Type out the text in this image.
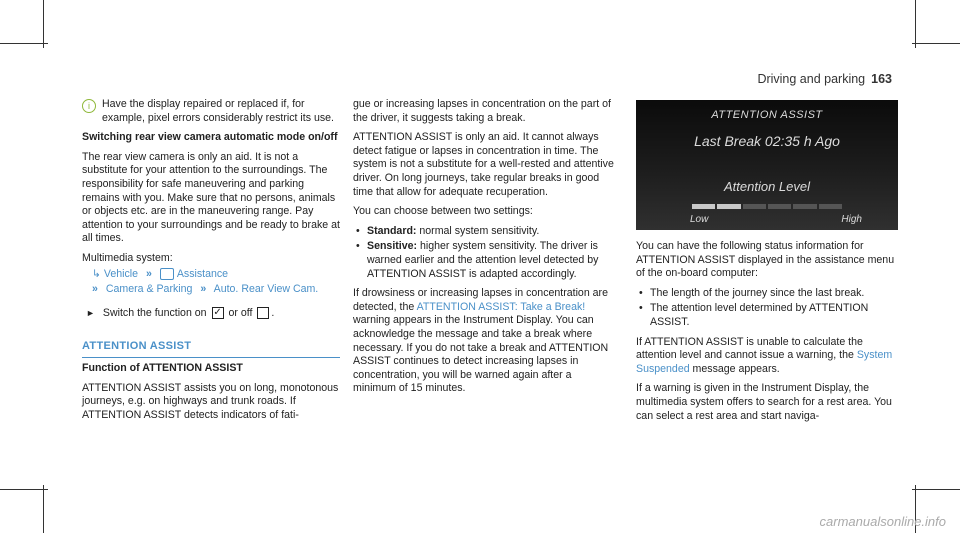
Driving and parking 163
i	Have the display repaired or replaced if, for example, pixel errors considerably restrict its use.

Switching rear view camera automatic mode on/off

The rear view camera is only an aid. It is not a substitute for your attention to the surroundings. The responsibility for safe maneuvering and parking remains with you. Make sure that no persons, animals or objects etc. are in the maneuvering range. Pay attention to your surroundings and be ready to brake at all times.

Multimedia system:

↳ Vehicle » Assistance
» Camera & Parking » Auto. Rear View Cam.
► Switch the function on ✓ or off .
ATTENTION ASSIST

Function of ATTENTION ASSIST

ATTENTION ASSIST assists you on long, monotonous journeys, e.g. on highways and trunk roads. If ATTENTION ASSIST detects indicators of fati-

gue or increasing lapses in concentration on the part of the driver, it suggests taking a break.

ATTENTION ASSIST is only an aid. It cannot always detect fatigue or lapses in concentration in time. The system is not a substitute for a well-rested and attentive driver. On long journeys, take regular breaks in good time that allow for adequate recuperation.

You can choose between two settings:

• Standard: normal system sensitivity.
• Sensitive: higher system sensitivity. The driver is warned earlier and the attention level detected by ATTENTION ASSIST is adapted accordingly.

If drowsiness or increasing lapses in concentration are detected, the ATTENTION ASSIST: Take a Break! warning appears in the Instrument Display. You can acknowledge the message and take a break where necessary. If you do not take a break and ATTENTION ASSIST continues to detect increasing lapses in concentration, you will be warned again after a minimum of 15 minutes.

ATTENTION ASSIST
Last Break 02:35 h Ago
Attention Level
Low	High

You can have the following status information for ATTENTION ASSIST displayed in the assistance menu of the on-board computer:

• The length of the journey since the last break.
• The attention level determined by ATTENTION ASSIST.

If ATTENTION ASSIST is unable to calculate the attention level and cannot issue a warning, the System Suspended message appears.

If a warning is given in the Instrument Display, the multimedia system offers to search for a rest area. You can select a rest area and start naviga-

carmanualsonline.info
